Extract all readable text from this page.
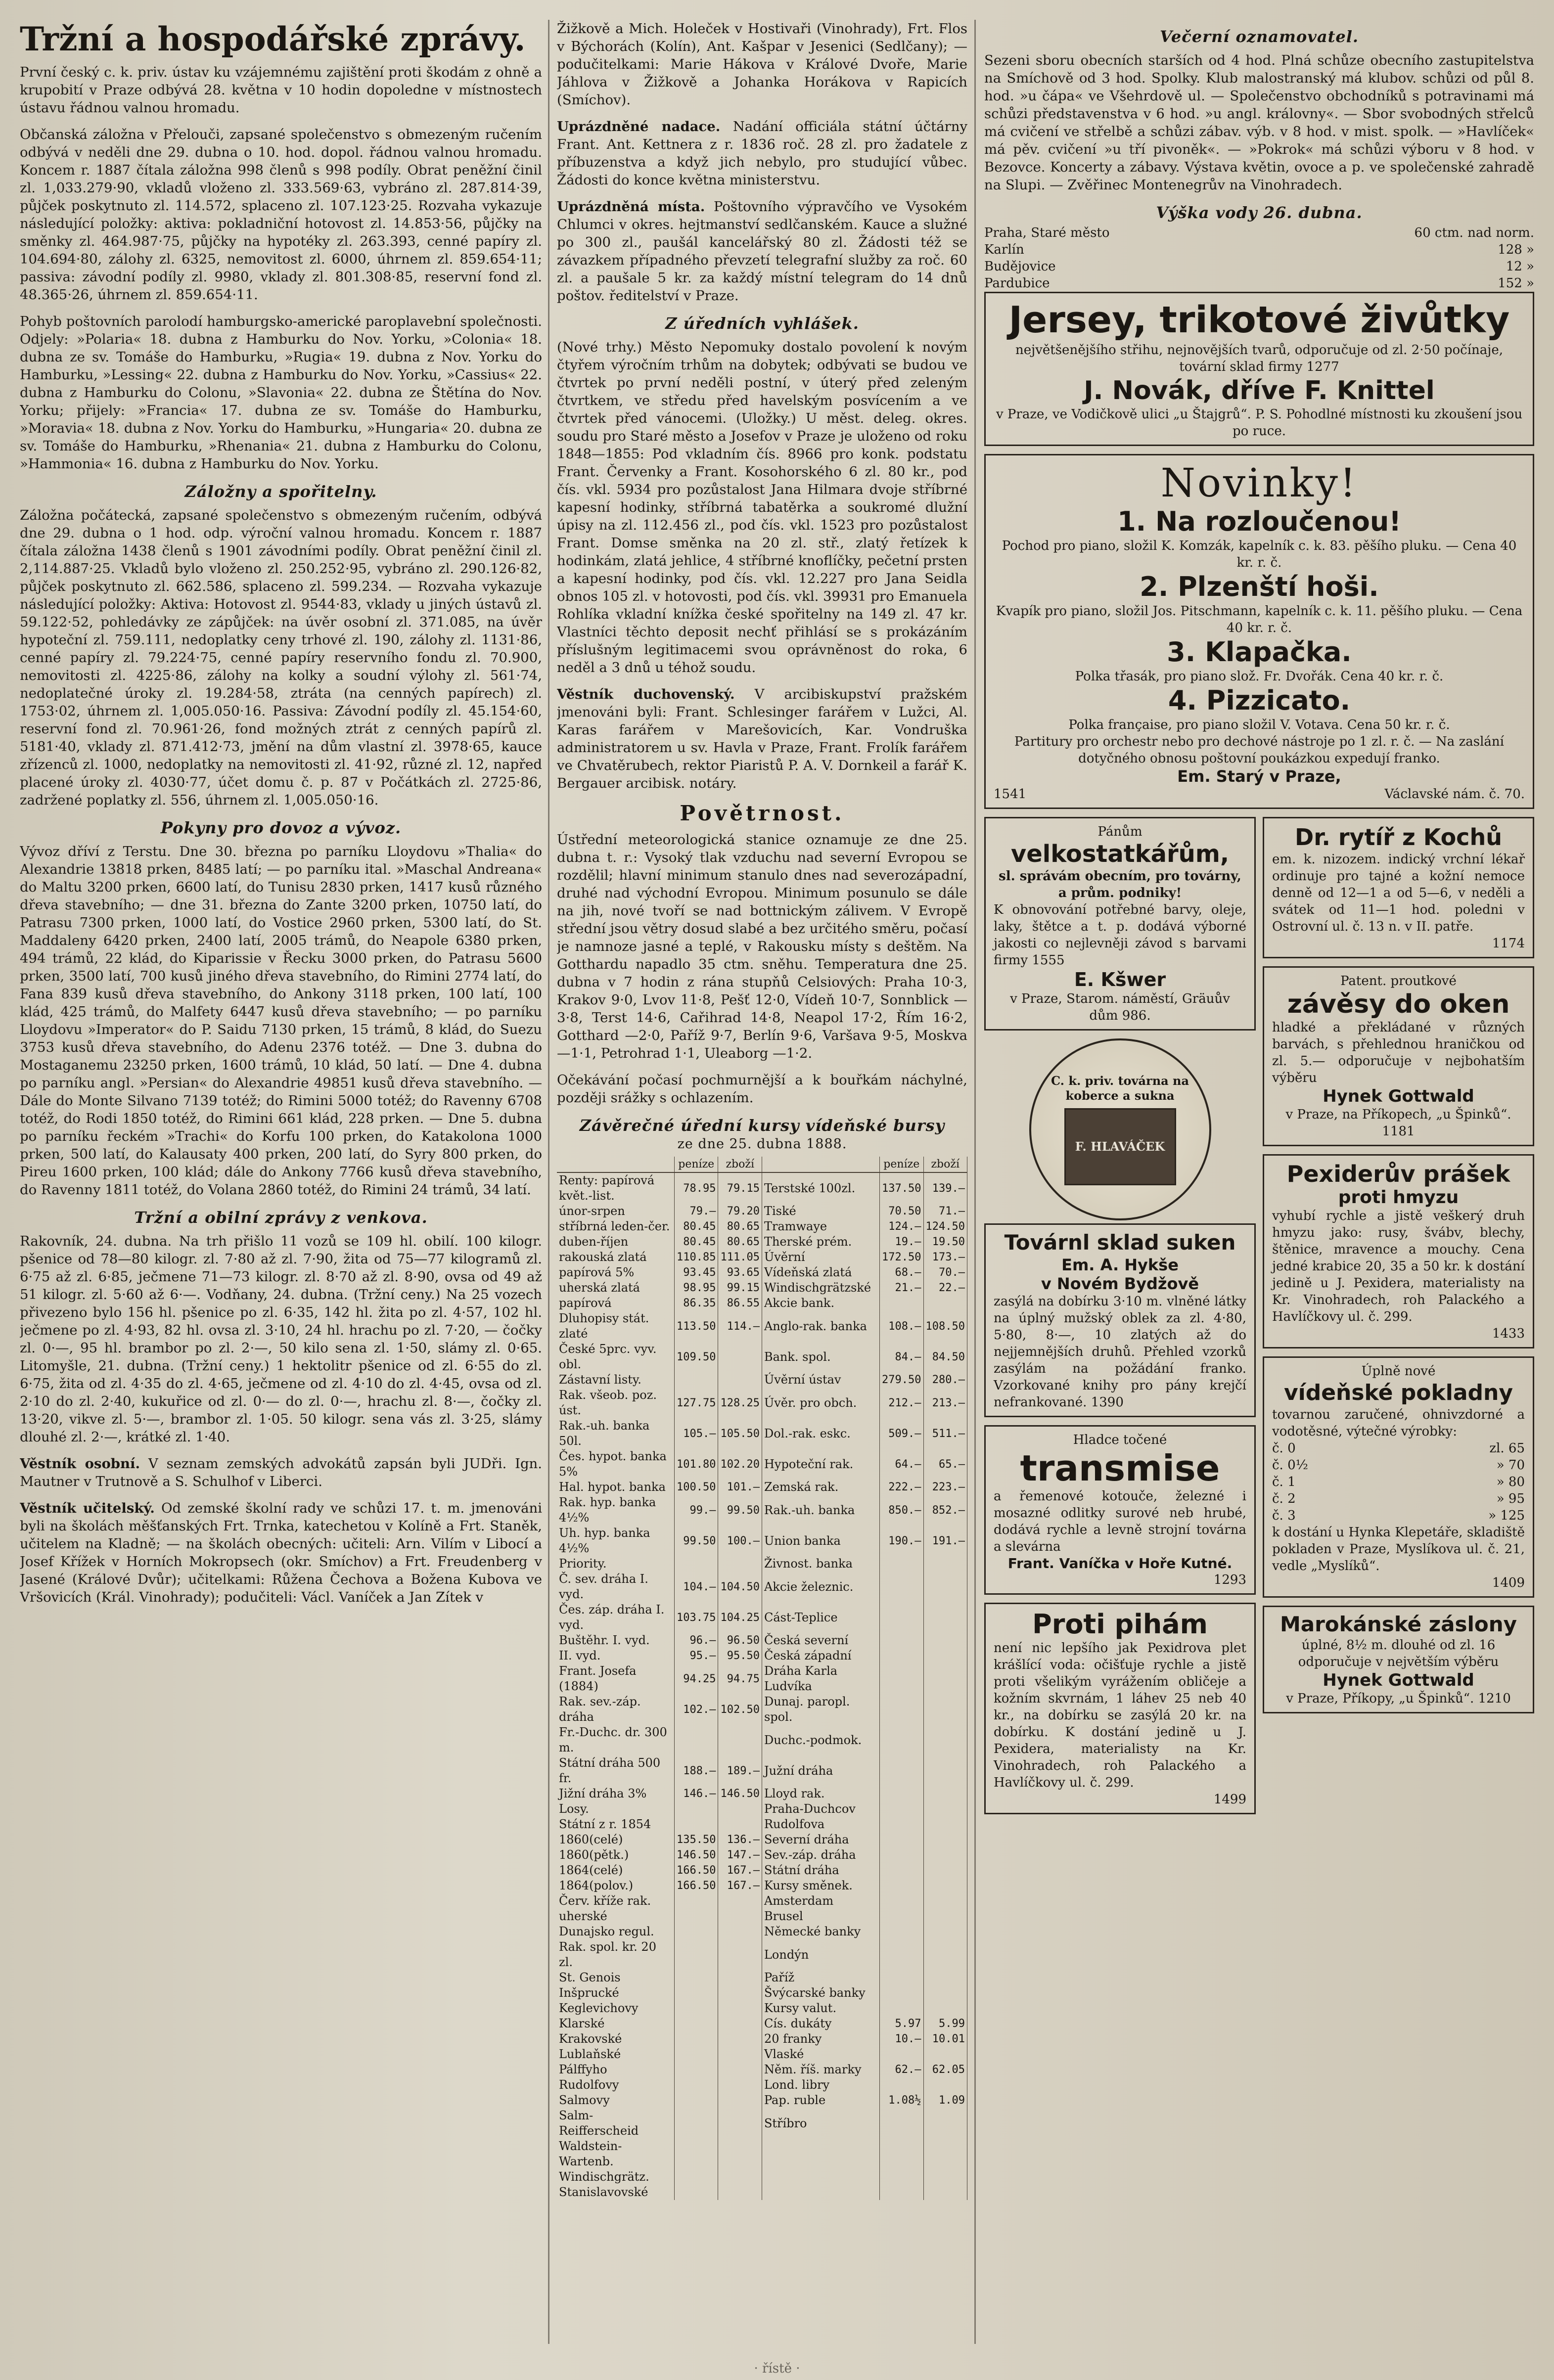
Tržní a hospodářské zprávy.

První český c. k. priv. ústav ku vzájemnému zajištění proti škodám z ohně a krupobití v Praze odbývá 28. května v 10 hodin dopoledne v místnostech ústavu řádnou valnou hromadu.

Občanská záložna v Přelouči, zapsané společenstvo s obmezeným ručením odbývá v neděli dne 29. dubna o 10. hod. dopol. řádnou valnou hromadu. Koncem r. 1887 čítala záložna 998 členů s 998 podíly. Obrat peněžní činil zl. 1,033.279·90, vkladů vloženo zl. 333.569·63, vybráno zl. 287.814·39, půjček poskytnuto zl. 114.572, splaceno zl. 107.123·25. Rozvaha vykazuje následující položky: aktiva: pokladniční hotovost zl. 14.853·56, půjčky na směnky zl. 464.987·75, půjčky na hypotéky zl. 263.393, cenné papíry zl. 104.694·80, zálohy zl. 6325, nemovitost zl. 6000, úhrnem zl. 859.654·11; passiva: závodní podíly zl. 9980, vklady zl. 801.308·85, reservní fond zl. 48.365·26, úhrnem zl. 859.654·11.

Pohyb poštovních parolodí hamburgsko-americké paroplavební společnosti. Odjely: »Polaria« 18. dubna z Hamburku do Nov. Yorku, »Colonia« 18. dubna ze sv. Tomáše do Hamburku, »Rugia« 19. dubna z Nov. Yorku do Hamburku, »Lessing« 22. dubna z Hamburku do Nov. Yorku, »Cassius« 22. dubna z Hamburku do Colonu, »Slavonia« 22. dubna ze Štětína do Nov. Yorku; přijely: »Francia« 17. dubna ze sv. Tomáše do Hamburku, »Moravia« 18. dubna z Nov. Yorku do Hamburku, »Hungaria« 20. dubna ze sv. Tomáše do Hamburku, »Rhenania« 21. dubna z Hamburku do Colonu, »Hammonia« 16. dubna z Hamburku do Nov. Yorku.

Záložny a spořitelny.

Záložna počátecká, zapsané společenstvo s obmezeným ručením, odbývá dne 29. dubna o 1 hod. odp. výroční valnou hromadu. Koncem r. 1887 čítala záložna 1438 členů s 1901 závodními podíly. Obrat peněžní činil zl. 2,114.887·25. Vkladů bylo vloženo zl. 250.252·95, vybráno zl. 290.126·82, půjček poskytnuto zl. 662.586, splaceno zl. 599.234. — Rozvaha vykazuje následující položky: Aktiva: Hotovost zl. 9544·83, vklady u jiných ústavů zl. 59.122·52, pohledávky ze zápůjček: na úvěr osobní zl. 371.085, na úvěr hypoteční zl. 759.111, nedoplatky ceny trhové zl. 190, zálohy zl. 1131·86, cenné papíry zl. 79.224·75, cenné papíry reservního fondu zl. 70.900, nemovitosti zl. 4225·86, zálohy na kolky a soudní výlohy zl. 561·74, nedoplatečné úroky zl. 19.284·58, ztráta (na cenných papírech) zl. 1753·02, úhrnem zl. 1,005.050·16. Passiva: Závodní podíly zl. 45.154·60, reservní fond zl. 70.961·26, fond možných ztrát z cenných papírů zl. 5181·40, vklady zl. 871.412·73, jmění na dům vlastní zl. 3978·65, kauce zřízenců zl. 1000, nedoplatky na nemovitosti zl. 41·92, různé zl. 12, napřed placené úroky zl. 4030·77, účet domu č. p. 87 v Počátkách zl. 2725·86, zadržené poplatky zl. 556, úhrnem zl. 1,005.050·16.

Pokyny pro dovoz a vývoz.

Vývoz dříví z Terstu. Dne 30. března po parníku Lloydovu »Thalia« do Alexandrie 13818 prken, 8485 latí; — po parníku ital. »Maschal Andreana« do Maltu 3200 prken, 6600 latí, do Tunisu 2830 prken, 1417 kusů různého dřeva stavebního; — dne 31. března do Zante 3200 prken, 10750 latí, do Patrasu 7300 prken, 1000 latí, do Vostice 2960 prken, 5300 latí, do St. Maddaleny 6420 prken, 2400 latí, 2005 trámů, do Neapole 6380 prken, 494 trámů, 22 klád, do Kiparissie v Řecku 3000 prken, do Patrasu 5600 prken, 3500 latí, 700 kusů jiného dřeva stavebního, do Rimini 2774 latí, do Fana 839 kusů dřeva stavebního, do Ankony 3118 prken, 100 latí, 100 klád, 425 trámů, do Malfety 6447 kusů dřeva stavebního; — po parníku Lloydovu »Imperator« do P. Saidu 7130 prken, 15 trámů, 8 klád, do Suezu 3753 kusů dřeva stavebního, do Adenu 2376 totéž. — Dne 3. dubna do Mostaganemu 23250 prken, 1600 trámů, 10 klád, 50 latí. — Dne 4. dubna po parníku angl. »Persian« do Alexandrie 49851 kusů dřeva stavebního. — Dále do Monte Silvano 7139 totéž; do Rimini 5000 totéž; do Ravenny 6708 totéž, do Rodi 1850 totéž, do Rimini 661 klád, 228 prken. — Dne 5. dubna po parníku řeckém »Trachi« do Korfu 100 prken, do Katakolona 1000 prken, 500 latí, do Kalausaty 400 prken, 200 latí, do Syry 800 prken, do Pireu 1600 prken, 100 klád; dále do Ankony 7766 kusů dřeva stavebního, do Ravenny 1811 totéž, do Volana 2860 totéž, do Rimini 24 trámů, 34 latí.

Tržní a obilní zprávy z venkova.

Rakovník, 24. dubna. Na trh přišlo 11 vozů se 109 hl. obilí. 100 kilogr. pšenice od 78—80 kilogr. zl. 7·80 až zl. 7·90, žita od 75—77 kilogramů zl. 6·75 až zl. 6·85, ječmene 71—73 kilogr. zl. 8·70 až zl. 8·90, ovsa od 49 až 51 kilogr. zl. 5·60 až 6·—. Vodňany, 24. dubna. (Tržní ceny.) Na 25 vozech přivezeno bylo 156 hl. pšenice po zl. 6·35, 142 hl. žita po zl. 4·57, 102 hl. ječmene po zl. 4·93, 82 hl. ovsa zl. 3·10, 24 hl. hrachu po zl. 7·20, — čočky zl. 0·—, 95 hl. brambor po zl. 2·—, 50 kilo sena zl. 1·50, slámy zl. 0·65. Litomyšle, 21. dubna. (Tržní ceny.) 1 hektolitr pšenice od zl. 6·55 do zl. 6·75, žita od zl. 4·35 do zl. 4·65, ječmene od zl. 4·10 do zl. 4·45, ovsa od zl. 2·10 do zl. 2·40, kukuřice od zl. 0·— do zl. 0·—, hrachu zl. 8·—, čočky zl. 13·20, vikve zl. 5·—, brambor zl. 1·05. 50 kilogr. sena vás zl. 3·25, slámy dlouhé zl. 2·—, krátké zl. 1·40.

Věstník osobní. V seznam zemských advokátů zapsán byli JUDři. Ign. Mautner v Trutnově a S. Schulhof v Liberci.

Věstník učitelský. Od zemské školní rady ve schůzi 17. t. m. jmenováni byli na školách měšťanských Frt. Trnka, katechetou v Kolíně a Frt. Staněk, učitelem na Kladně; — na školách obecných: učiteli: Arn. Vilím v Libocí a Josef Křížek v Horních Mokropsech (okr. Smíchov) a Frt. Freudenberg v Jasené (Králové Dvůr); učitelkami: Růžena Čechova a Božena Kubova ve Vršovicích (Král. Vinohrady); podučiteli: Václ. Vaníček a Jan Zítek v

Žižkově a Mich. Holeček v Hostivaři (Vinohrady), Frt. Flos v Býchorách (Kolín), Ant. Kašpar v Jesenici (Sedlčany); — podučitelkami: Marie Hákova v Králové Dvoře, Marie Jáhlova v Žižkově a Johanka Horákova v Rapicích (Smíchov).

Uprázdněné nadace. Nadání officiála státní účtárny Frant. Ant. Kettnera z r. 1836 roč. 28 zl. pro žadatele z příbuzenstva a když jich nebylo, pro studující vůbec. Žádosti do konce května ministerstvu.

Uprázdněná místa. Poštovního výpravčího ve Vysokém Chlumci v okres. hejtmanství sedlčanském. Kauce a služné po 300 zl., paušál kancelářský 80 zl. Žádosti též se závazkem případného převzetí telegrafní služby za roč. 60 zl. a paušale 5 kr. za každý místní telegram do 14 dnů poštov. ředitelství v Praze.

Z úředních vyhlášek.

(Nové trhy.) Město Nepomuky dostalo povolení k novým čtyřem výročním trhům na dobytek; odbývati se budou ve čtvrtek po první neděli postní, v úterý před zeleným čtvrtkem, ve středu před havelským posvícením a ve čtvrtek před vánocemi. (Uložky.) U měst. deleg. okres. soudu pro Staré město a Josefov v Praze je uloženo od roku 1848—1855: Pod vkladním čís. 8966 pro konk. podstatu Frant. Červenky a Frant. Kosohorského 6 zl. 80 kr., pod čís. vkl. 5934 pro pozůstalost Jana Hilmara dvoje stříbrné kapesní hodinky, stříbrná tabatěrka a soukromé dlužní úpisy na zl. 112.456 zl., pod čís. vkl. 1523 pro pozůstalost Frant. Domse směnka na 20 zl. stř., zlatý řetízek k hodinkám, zlatá jehlice, 4 stříbrné knoflíčky, pečetní prsten a kapesní hodinky, pod čís. vkl. 12.227 pro Jana Seidla obnos 105 zl. v hotovosti, pod čís. vkl. 39931 pro Emanuela Rohlíka vkladní knížka české spořitelny na 149 zl. 47 kr. Vlastníci těchto deposit nechť přihlásí se s prokázáním příslušným legitimacemi svou oprávněnost do roka, 6 neděl a 3 dnů u téhož soudu.

Věstník duchovenský. V arcibiskupství pražském jmenováni byli: Frant. Schlesinger farářem v Lužci, Al. Karas farářem v Marešovicích, Kar. Vondruška administratorem u sv. Havla v Praze, Frant. Frolík farářem ve Chvatěrubech, rektor Piaristů P. A. V. Dornkeil a farář K. Bergauer arcibisk. notáry.

Povětrnost.

Ústřední meteorologická stanice oznamuje ze dne 25. dubna t. r.: Vysoký tlak vzduchu nad severní Evropou se rozdělil; hlavní minimum stanulo dnes nad severozápadní, druhé nad východní Evropou. Minimum posunulo se dále na jih, nové tvoří se nad bottnickým zálivem. V Evropě střední jsou větry dosud slabé a bez určitého směru, počasí je namnoze jasné a teplé, v Rakousku místy s deštěm. Na Gotthardu napadlo 35 ctm. sněhu. Temperatura dne 25. dubna v 7 hodin z rána stupňů Celsiových: Praha 10·3, Krakov 9·0, Lvov 11·8, Pešť 12·0, Vídeň 10·7, Sonnblick —3·8, Terst 14·6, Cařihrad 14·8, Neapol 17·2, Řím 16·2, Gotthard —2·0, Paříž 9·7, Berlín 9·6, Varšava 9·5, Moskva —1·1, Petrohrad 1·1, Uleaborg —1·2.

Očekávání počasí pochmurnější a k bouřkám náchylné, později srážky s ochlazením.

Závěrečné úřední kursy vídeňské bursy
ze dne 25. dubna 1888.
	peníze	zboží		peníze	zboží
Renty: papírová květ.-list.	78.95	79.15	Terstské 100zl.	137.50	139.—
únor-srpen	79.—	79.20	Tiské	70.50	71.—
stříbrná leden-čer.	80.45	80.65	Tramwaye	124.—	124.50
duben-říjen	80.45	80.65	Therské prém.	19.—	19.50
rakouská zlatá	110.85	111.05	Úvěrní	172.50	173.—
papírová 5%	93.45	93.65	Vídeňská zlatá	68.—	70.—
uherská zlatá	98.95	99.15	Windischgrätzské	21.—	22.—
papírová	86.35	86.55	Akcie bank.		
Dluhopisy stát. zlaté	113.50	114.—	Anglo-rak. banka	108.—	108.50
České 5prc. vyv. obl.	109.50		Bank. spol.	84.—	84.50
Zástavní listy.			Úvěrní ústav	279.50	280.—
Rak. všeob. poz. úst.	127.75	128.25	Úvěr. pro obch.	212.—	213.—
Rak.-uh. banka 50l.	105.—	105.50	Dol.-rak. eskc.	509.—	511.—
Čes. hypot. banka 5%	101.80	102.20	Hypoteční rak.	64.—	65.—
Hal. hypot. banka	100.50	101.—	Zemská rak.	222.—	223.—
Rak. hyp. banka 4½%	99.—	99.50	Rak.-uh. banka	850.—	852.—
Uh. hyp. banka 4½%	99.50	100.—	Union banka	190.—	191.—
Priority.			Živnost. banka		
Č. sev. dráha I. vyd.	104.—	104.50	Akcie železnic.		
Čes. záp. dráha I. vyd.	103.75	104.25	Cást-Teplice		
Buštěhr. I. vyd.	96.—	96.50	Česká severní		
II. vyd.	95.—	95.50	Česká západní		
Frant. Josefa (1884)	94.25	94.75	Dráha Karla Ludvíka		
Rak. sev.-záp. dráha	102.—	102.50	Dunaj. paropl. spol.		
Fr.-Duchc. dr. 300 m.			Duchc.-podmok.		
Státní dráha 500 fr.	188.—	189.—	Južní dráha		
Jižní dráha 3%	146.—	146.50	Lloyd rak.		
Losy.			Praha-Duchcov		
Státní z r. 1854			Rudolfova		
1860(celé)	135.50	136.—	Severní dráha		
1860(pětk.)	146.50	147.—	Sev.-záp. dráha		
1864(celé)	166.50	167.—	Státní dráha		
1864(polov.)	166.50	167.—	Kursy směnek.		
Červ. kříže rak.			Amsterdam		
uherské			Brusel		
Dunajsko regul.			Německé banky		
Rak. spol. kr. 20 zl.			Londýn		
St. Genois			Paříž		
Inšprucké			Švýcarské banky		
Keglevichovy			Kursy valut.		
Klarské			Cís. dukáty	5.97	5.99
Krakovské			20 franky	10.—	10.01
Lublaňské			Vlaské		
Pálffyho			Něm. říš. marky	62.—	62.05
Rudolfovy			Lond. libry		
Salmovy			Pap. ruble	1.08½	1.09
Salm-Reifferscheid			Stříbro		
Waldstein-Wartenb.					
Windischgrätz.					
Stanislavovské					
Večerní oznamovatel.

Sezeni sboru obecních starších od 4 hod. Plná schůze obecního zastupitelstva na Smíchově od 3 hod. Spolky. Klub malostranský má klubov. schůzi od půl 8. hod. »u čápa« ve Všehrdově ul. — Společenstvo obchodníků s potravinami má schůzi představenstva v 6 hod. »u angl. královny«. — Sbor svobodných střelců má cvičení ve střelbě a schůzi zábav. výb. v 8 hod. v mist. spolk. — »Havlíček« má pěv. cvičení »u tří pivoněk«. — »Pokrok« má schůzi výboru v 8 hod. v Bezovce. Koncerty a zábavy. Výstava květin, ovoce a p. ve společenské zahradě na Slupi. — Zvěřinec Montenegrův na Vinohradech.

Výška vody 26. dubna.
Praha, Staré město	60 ctm. nad norm.
Karlín	128 »
Budějovice	12 »
Pardubice	152 »
Jersey, trikotové živůtky
největšenějšího střihu, nejnovějších tvarů, odporučuje od zl. 2·50 počínaje, tovární sklad firmy 1277
J. Novák, dříve F. Knittel
v Praze, ve Vodičkově ulici „u Štajgrů“. P. S. Pohodlné místnosti ku zkoušení jsou po ruce.
Novinky!
1. Na rozloučenou!
Pochod pro piano, složil K. Komzák, kapelník c. k. 83. pěšího pluku. — Cena 40 kr. r. č.
2. Plzenští hoši.
Kvapík pro piano, složil Jos. Pitschmann, kapelník c. k. 11. pěšího pluku. — Cena 40 kr. r. č.
3. Klapačka.
Polka třasák, pro piano slož. Fr. Dvořák. Cena 40 kr. r. č.
4. Pizzicato.
Polka française, pro piano složil V. Votava. Cena 50 kr. r. č.
Partitury pro orchestr nebo pro dechové nástroje po 1 zl. r. č. — Na zaslání dotyčného obnosu poštovní poukázkou expedují franko.
Em. Starý v Praze,
1541	Václavské nám. č. 70.
Pánům
velkostatkářům,
sl. správám obecním, pro továrny, a prům. podniky!
K obnovování potřebné barvy, oleje, laky, štětce a t. p. dodává výborné jakosti co nejlevněji závod s barvami firmy 1555
E. Kšwer
v Praze, Starom. náměstí, Gräuův dům 986.
C. k. priv. továrna na koberce a sukna
F. HLAVÁČEK
Továrnl sklad suken
Em. A. Hykše
v Novém Bydžově
zasýlá na dobírku 3·10 m. vlněné látky na úplný mužský oblek za zl. 4·80, 5·80, 8·—, 10 zlatých až do nejjemnějších druhů. Přehled vzorků zasýlám na požádání franko. Vzorkované knihy pro pány krejčí nefrankované. 1390
Hladce točené
transmise
a řemenové kotouče, železné i mosazné odlitky surové neb hrubé, dodává rychle a levně strojní továrna a slevárna
Frant. Vaníčka v Hoře Kutné.
1293
Proti pihám
není nic lepšího jak Pexidrova plet krášlící voda: očišťuje rychle a jistě proti všelikým vyrážením obličeje a kožním skvrnám, 1 láhev 25 neb 40 kr., na dobírku se zasýlá 20 kr. na dobírku. K dostání jedině u J. Pexidera, materialisty na Kr. Vinohradech, roh Palackého a Havlíčkovy ul. č. 299.
1499
Dr. rytíř z Kochů
em. k. nizozem. indický vrchní lékař ordinuje pro tajné a kožní nemoce denně od 12—1 a od 5—6, v neděli a svátek od 11—1 hod. poledni v Ostrovní ul. č. 13 n. v II. patře.
1174
Patent. proutkové
závěsy do oken
hladké a překládané v různých barvách, s přehlednou hraničkou od zl. 5.— odporučuje v nejbohatším výběru
Hynek Gottwald
v Praze, na Příkopech, „u Špinků“. 1181
Pexiderův prášek
proti hmyzu
vyhubí rychle a jistě veškerý druh hmyzu jako: rusy, švábv, blechy, štěnice, mravence a mouchy. Cena jedné krabice 20, 35 a 50 kr. k dostání jedině u J. Pexidera, materialisty na Kr. Vinohradech, roh Palackého a Havlíčkovy ul. č. 299.
1433
Úplně nové
vídeňské pokladny
tovarnou zaručené, ohnivzdorné a vodotěsné, výtečné výrobky:
č. 0	zl. 65
č. 0½	» 70
č. 1	» 80
č. 2	» 95
č. 3	» 125
k dostání u Hynka Klepetáře, skladiště pokladen v Praze, Myslíkova ul. č. 21, vedle „Myslíků“.
1409
Marokánské záslony
úplné, 8½ m. dlouhé od zl. 16 odporučuje v největším výběru
Hynek Gottwald
v Praze, Příkopy, „u Špinků“. 1210
· řístě ·
